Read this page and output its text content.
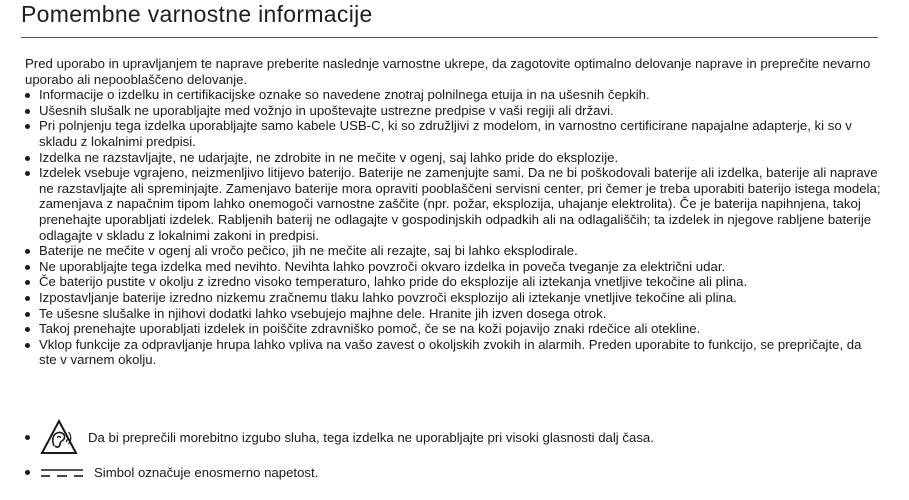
Pomembne varnostne informacije

Pred uporabo in upravljanjem te naprave preberite naslednje varnostne ukrepe, da zagotovite optimalno delovanje naprave in preprečite nevarno uporabo ali nepooblaščeno delovanje.

Informacije o izdelku in certifikacijske oznake so navedene znotraj polnilnega etuija in na ušesnih čepkih.
Ušesnih slušalk ne uporabljajte med vožnjo in upoštevajte ustrezne predpise v vaši regiji ali državi.
Pri polnjenju tega izdelka uporabljajte samo kabele USB-C, ki so združljivi z modelom, in varnostno certificirane napajalne adapterje, ki so v skladu z lokalnimi predpisi.
Izdelka ne razstavljajte, ne udarjajte, ne zdrobite in ne mečite v ogenj, saj lahko pride do eksplozije.
Izdelek vsebuje vgrajeno, neizmenljivo litijevo baterijo. Baterije ne zamenjujte sami. Da ne bi poškodovali baterije ali izdelka, baterije ali naprave ne razstavljajte ali spreminjajte. Zamenjavo baterije mora opraviti pooblaščeni servisni center, pri čemer je treba uporabiti baterijo istega modela; zamenjava z napačnim tipom lahko onemogoči varnostne zaščite (npr. požar, eksplozija, uhajanje elektrolita). Če je baterija napihnjena, takoj prenehajte uporabljati izdelek. Rabljenih baterij ne odlagajte v gospodinjskih odpadkih ali na odlagališčih; ta izdelek in njegove rabljene baterije odlagajte v skladu z lokalnimi zakoni in predpisi.
Baterije ne mečite v ogenj ali vročo pečico, jih ne mečite ali rezajte, saj bi lahko eksplodirale.
Ne uporabljajte tega izdelka med nevihto. Nevihta lahko povzroči okvaro izdelka in poveča tveganje za električni udar.
Če baterijo pustite v okolju z izredno visoko temperaturo, lahko pride do eksplozije ali iztekanja vnetljive tekočine ali plina.
Izpostavljanje baterije izredno nizkemu zračnemu tlaku lahko povzroči eksplozijo ali iztekanje vnetljive tekočine ali plina.
Te ušesne slušalke in njihovi dodatki lahko vsebujejo majhne dele. Hranite jih izven dosega otrok.
Takoj prenehajte uporabljati izdelek in poiščite zdravniško pomoč, če se na koži pojavijo znaki rdečice ali otekline.
Vklop funkcije za odpravljanje hrupa lahko vpliva na vašo zavest o okoljskih zvokih in alarmih. Preden uporabite to funkcijo, se prepričajte, da ste v varnem okolju.
Da bi preprečili morebitno izgubo sluha, tega izdelka ne uporabljajte pri visoki glasnosti dalj časa.
Simbol označuje enosmerno napetost.
